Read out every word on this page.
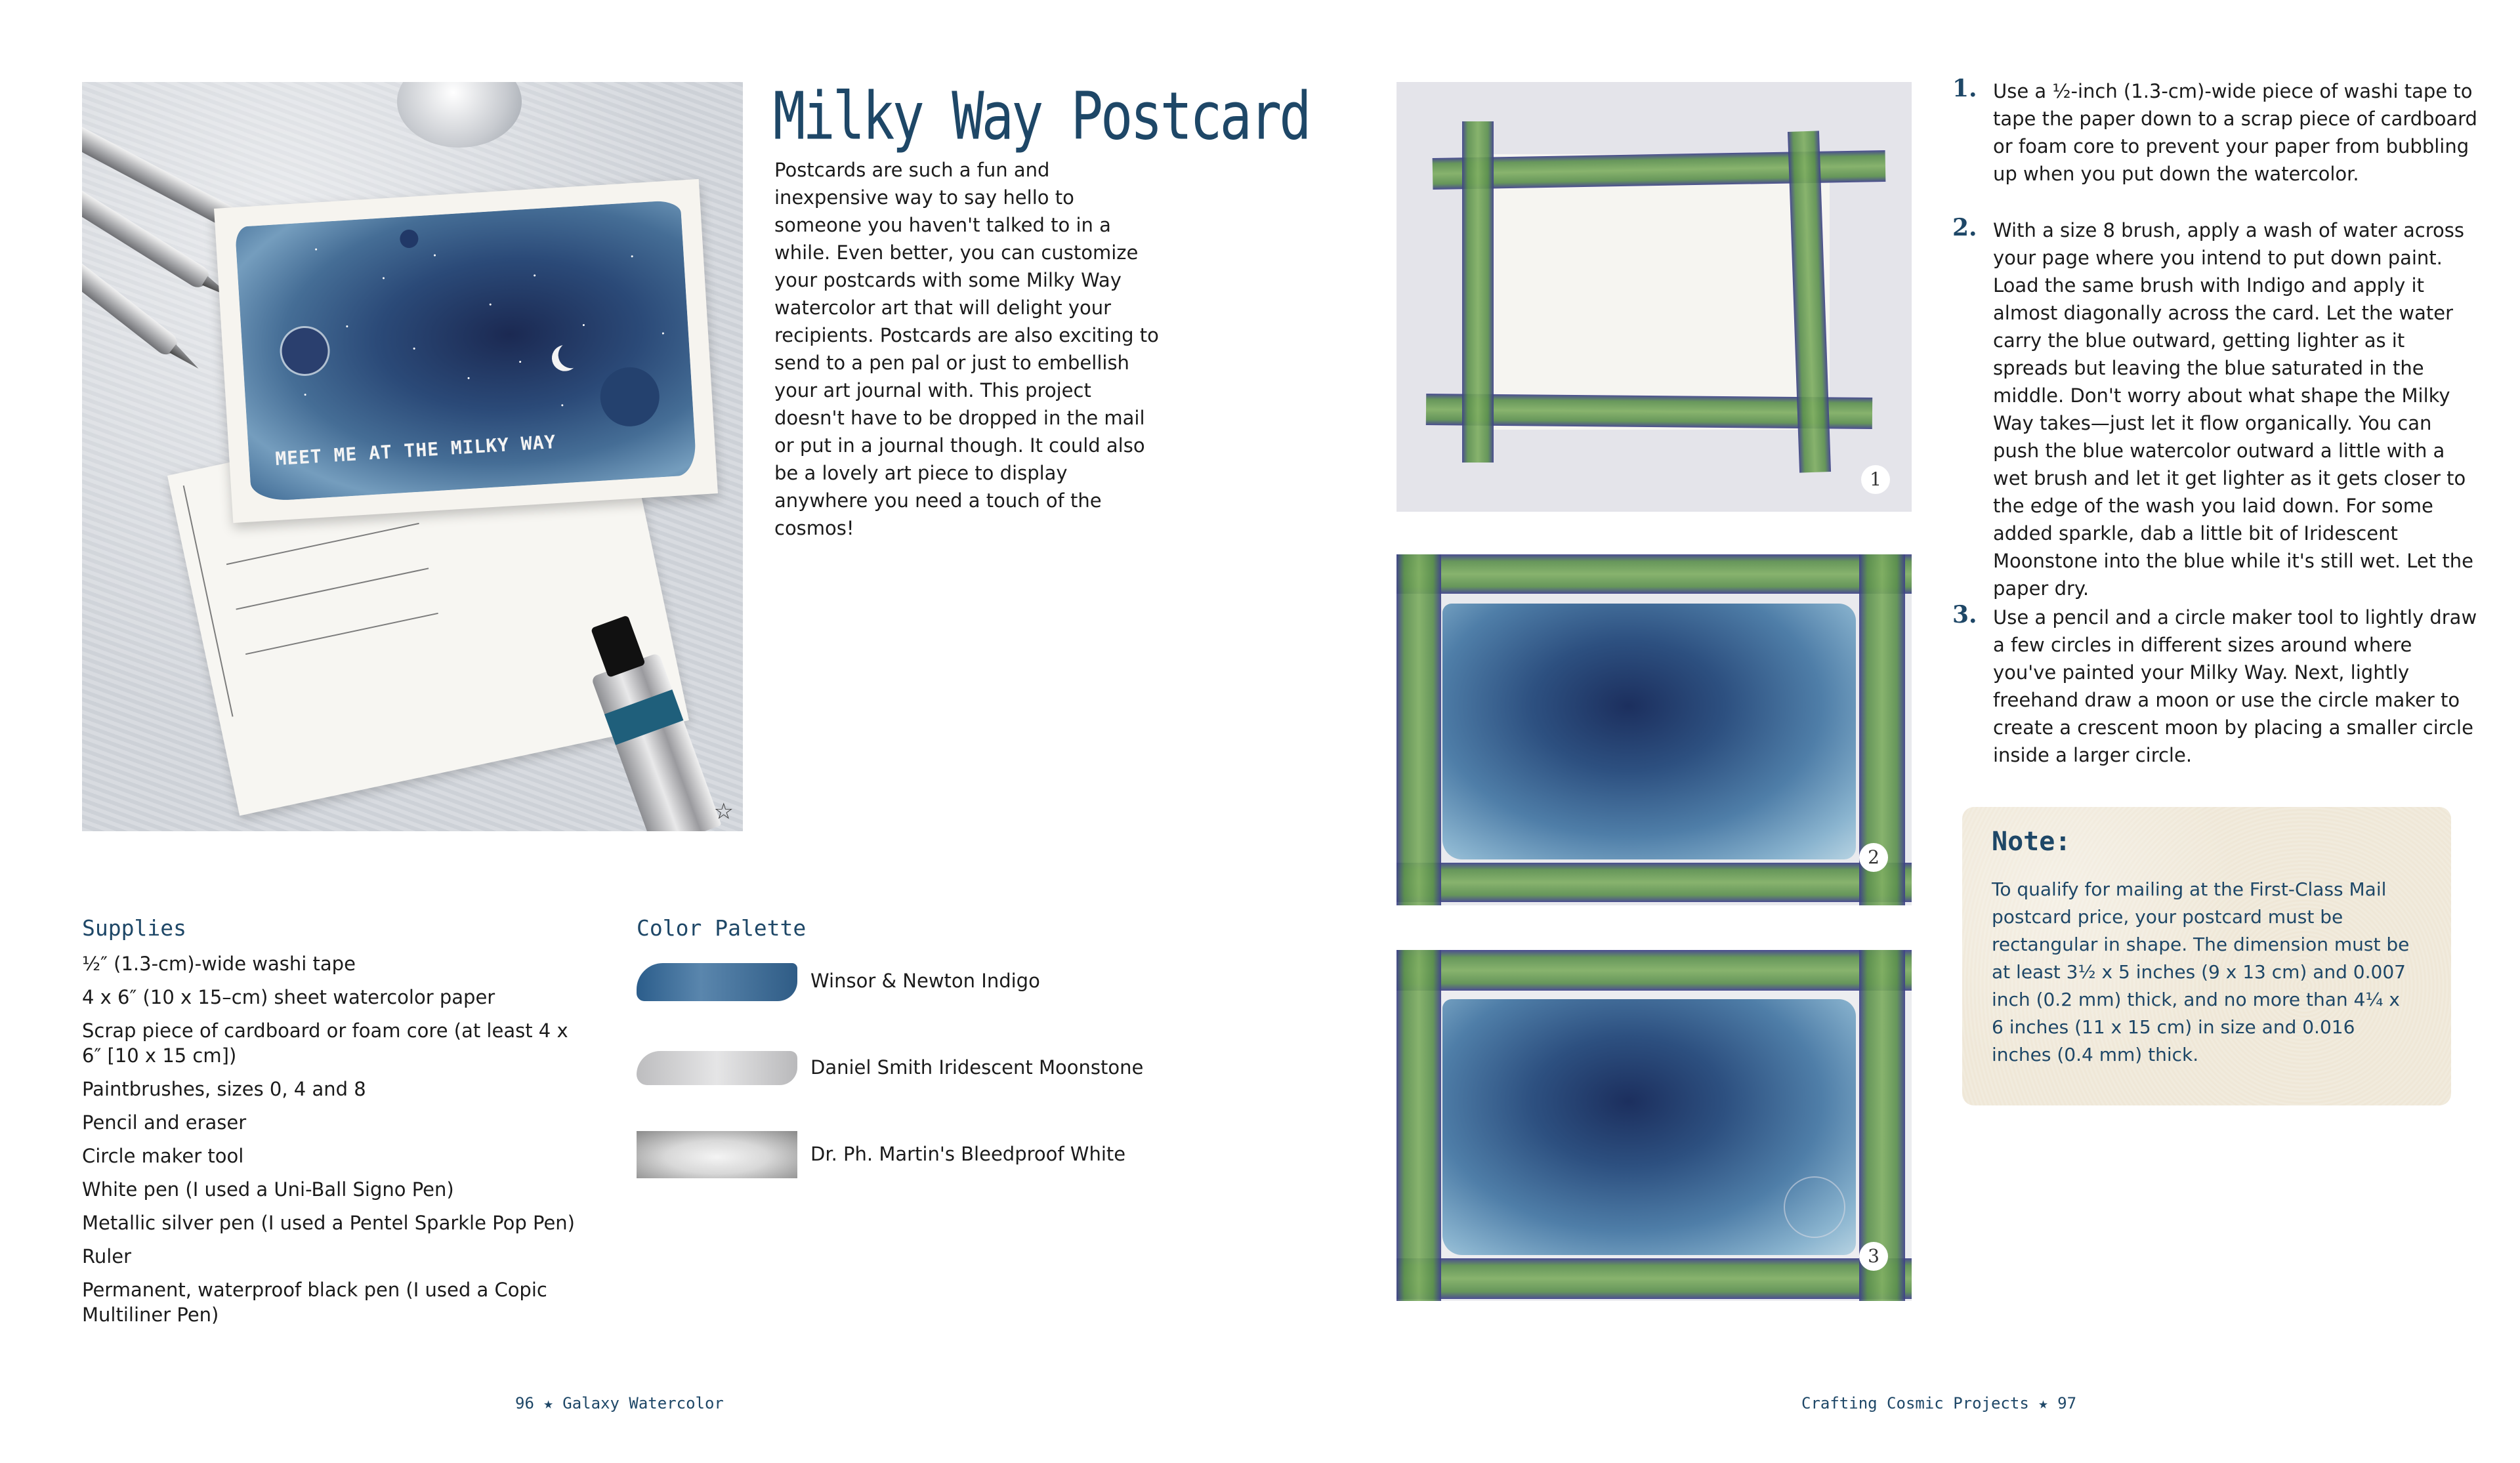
MEET ME AT THE MILKY WAY
☆
Milky Way Postcard
Postcards are such a fun and inexpensive way to say hello to someone you haven't talked to in a while. Even better, you can customize your postcards with some Milky Way watercolor art that will delight your recipients. Postcards are also exciting to send to a pen pal or just to embellish your art journal with. This project doesn't have to be dropped in the mail or put in a journal though. It could also be a lovely art piece to display anywhere you need a touch of the cosmos!
Supplies
½″ (1.3-cm)-wide washi tape
4 x 6″ (10 x 15–cm) sheet watercolor paper
Scrap piece of cardboard or foam core (at least 4 x 6″ [10 x 15 cm])
Paintbrushes, sizes 0, 4 and 8
Pencil and eraser
Circle maker tool
White pen (I used a Uni-Ball Signo Pen)
Metallic silver pen (I used a Pentel Sparkle Pop Pen)
Ruler
Permanent, waterproof black pen (I used a Copic Multiliner Pen)
Color Palette
Winsor & Newton Indigo
Daniel Smith Iridescent Moonstone
Dr. Ph. Martin's Bleedproof White
96 ★ Galaxy Watercolor
1
2
3
1. Use a ½-inch (1.3-cm)-wide piece of washi tape to tape the paper down to a scrap piece of cardboard or foam core to prevent your paper from bubbling up when you put down the watercolor.
2. With a size 8 brush, apply a wash of water across your page where you intend to put down paint. Load the same brush with Indigo and apply it almost diagonally across the card. Let the water carry the blue outward, getting lighter as it spreads but leaving the blue saturated in the middle. Don't worry about what shape the Milky Way takes—just let it flow organically. You can push the blue watercolor outward a little with a wet brush and let it get lighter as it gets closer to the edge of the wash you laid down. For some added sparkle, dab a little bit of Iridescent Moonstone into the blue while it's still wet. Let the paper dry.
3. Use a pencil and a circle maker tool to lightly draw a few circles in different sizes around where you've painted your Milky Way. Next, lightly freehand draw a moon or use the circle maker to create a crescent moon by placing a smaller circle inside a larger circle.
Note:
To qualify for mailing at the First-Class Mail postcard price, your postcard must be rectangular in shape. The dimension must be at least 3½ x 5 inches (9 x 13 cm) and 0.007 inch (0.2 mm) thick, and no more than 4¼ x 6 inches (11 x 15 cm) in size and 0.016 inches (0.4 mm) thick.
Crafting Cosmic Projects ★ 97
